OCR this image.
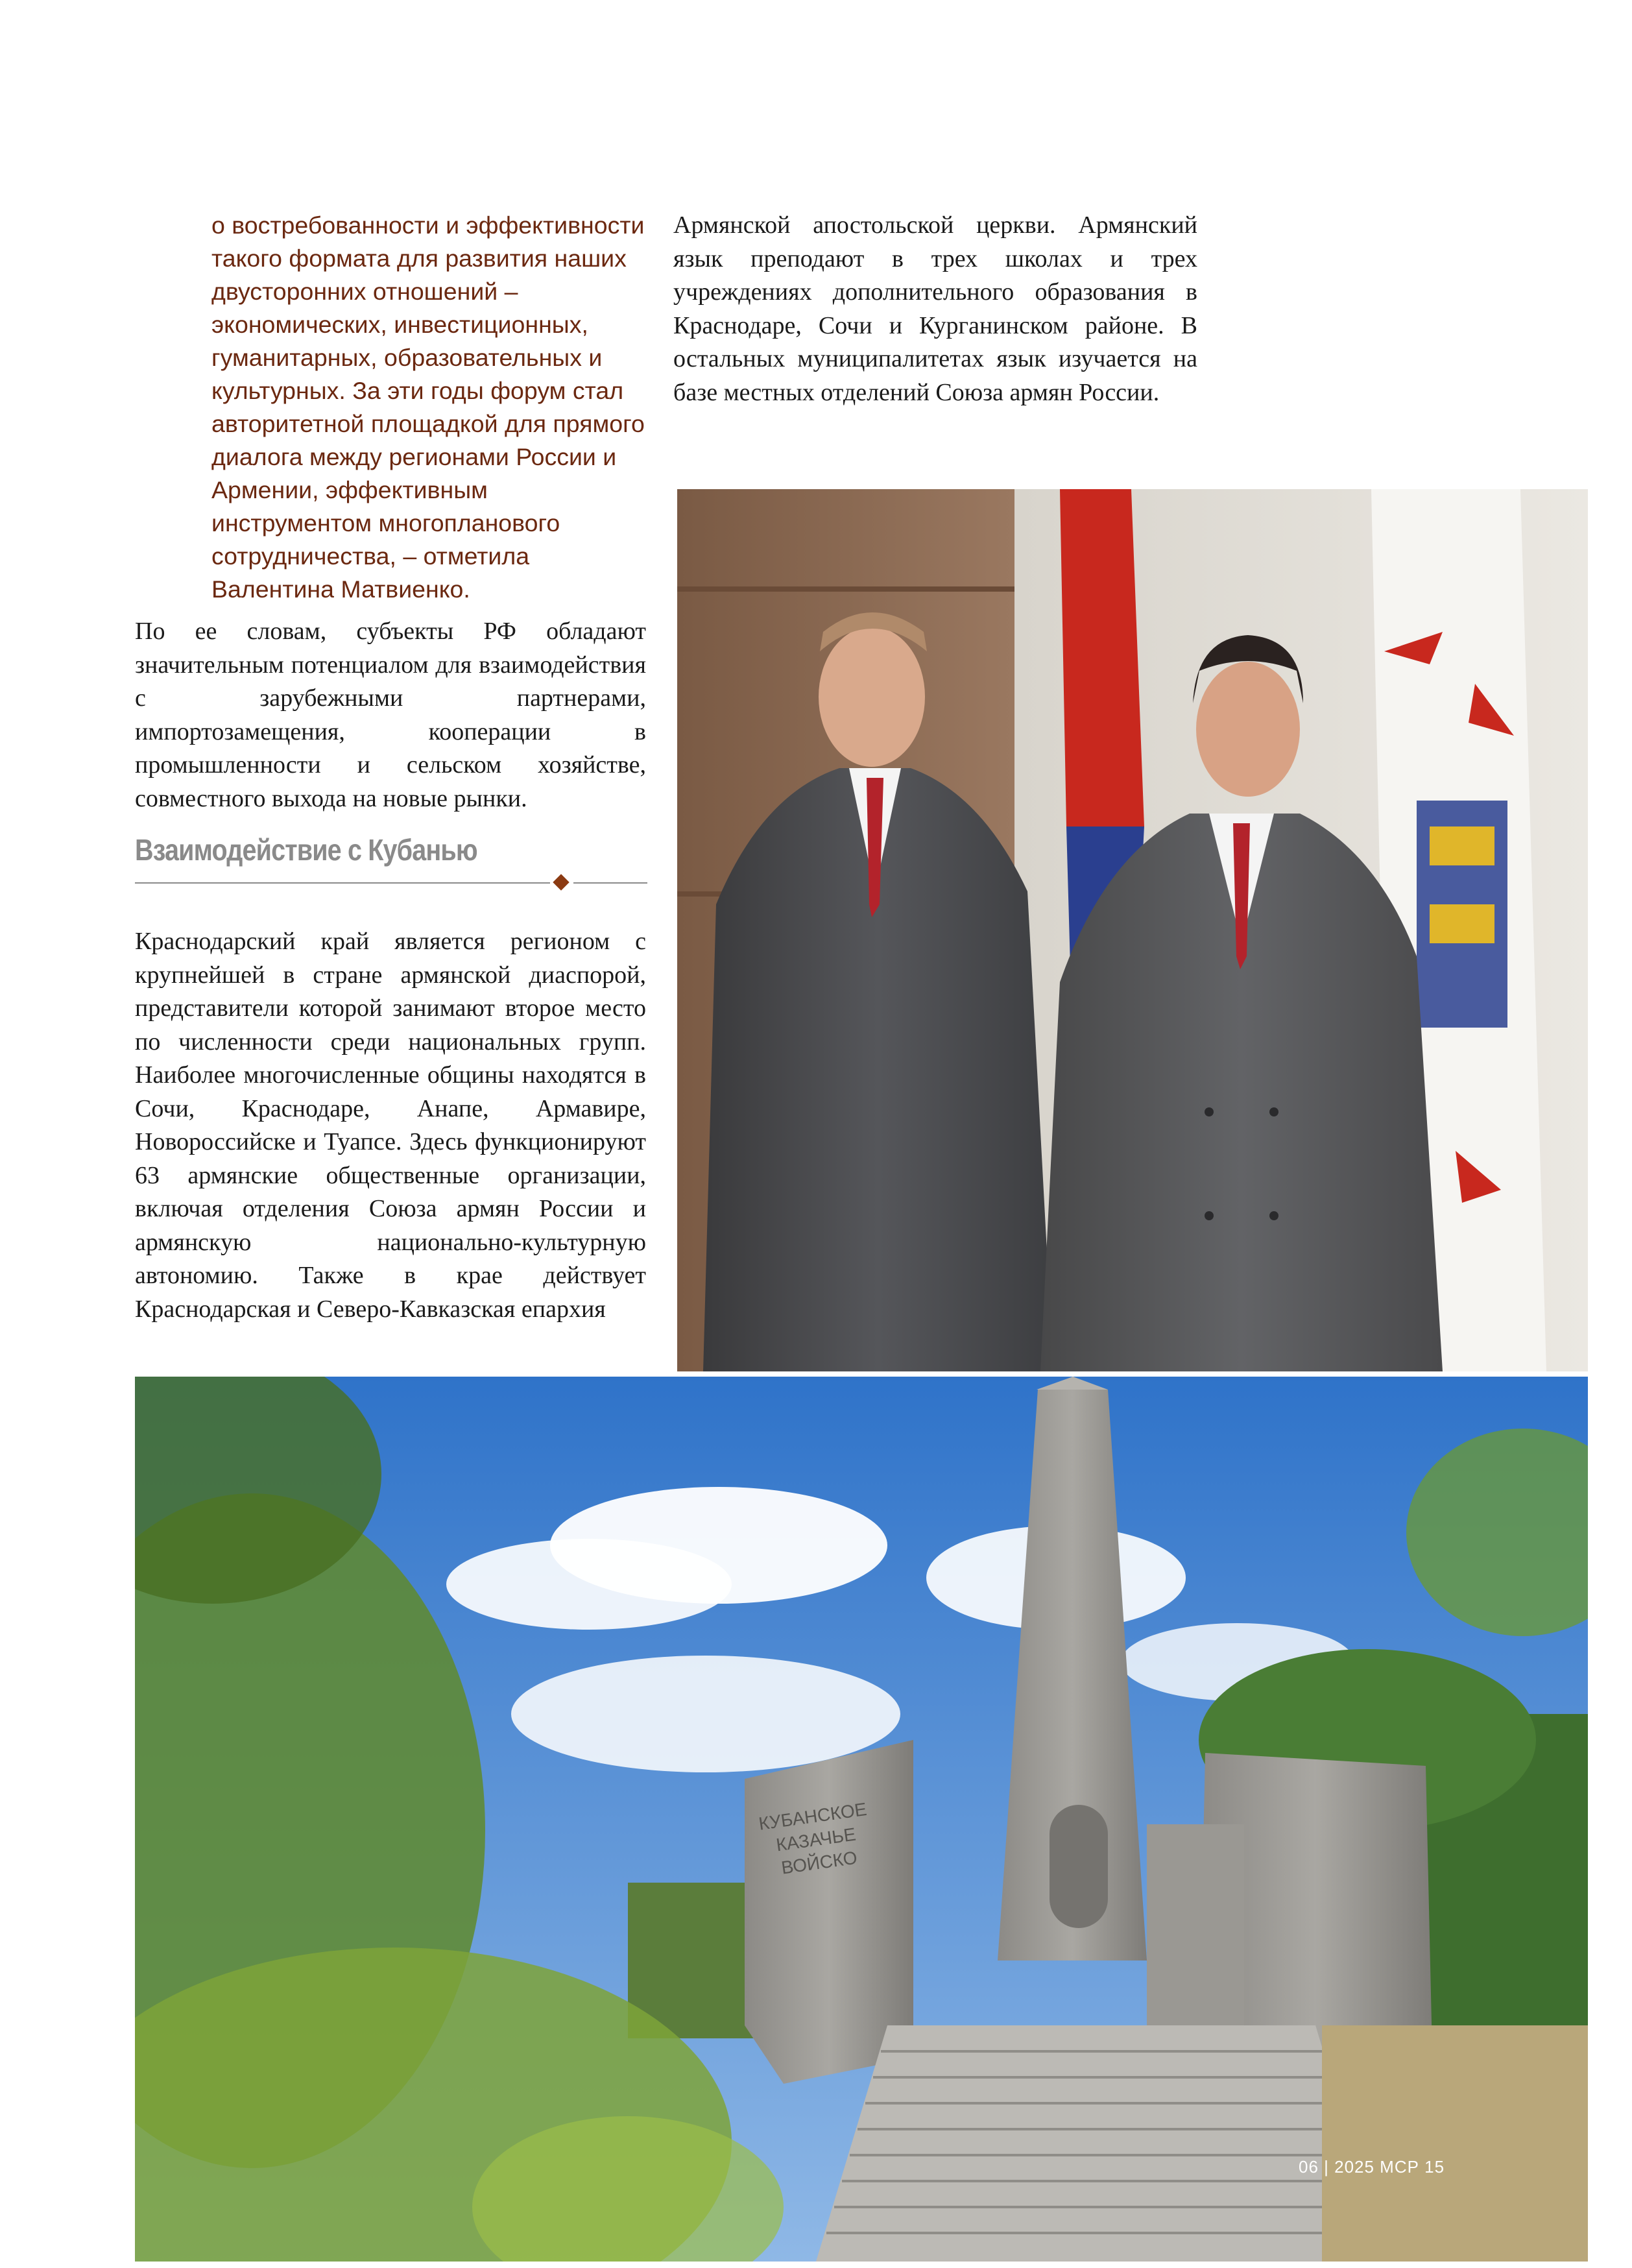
о востребованности и эффективности такого формата для развития наших двусторонних отношений – экономических, инвестиционных, гуманитарных, образовательных и культурных. За эти годы форум стал авторитетной площадкой для прямого диалога между регионами России и Армении, эффективным инструментом многопланового сотрудничества, – отметила Валентина Матвиенко.

Армянской апостольской церкви. Армянский язык преподают в трех школах и трех учреждениях дополнительного образования в Краснодаре, Сочи и Курганинском районе. В остальных муниципалитетах язык изучается на базе местных отделений Союза армян России.

По ее словам, субъекты РФ обладают значительным потенциалом для взаимодействия с зарубежными партнерами, импортозамещения, кооперации в промышленности и сельском хозяйстве, совместного выхода на новые рынки.

Взаимодействие с Кубанью

Краснодарский край является регионом с крупнейшей в стране армянской диаспорой, представители которой занимают второе место по численности среди национальных групп. Наиболее многочисленные общины находятся в Сочи, Краснодаре, Анапе, Армавире, Новороссийске и Туапсе. Здесь функционируют 63 армянские общественные организации, включая отделения Союза армян России и армянскую национально-культурную автономию. Также в крае действует Краснодарская и Северо-Кавказская епархия

КУБАНСКОЕ КАЗАЧЬЕ ВОЙСКО
06 | 2025 МСР 15
